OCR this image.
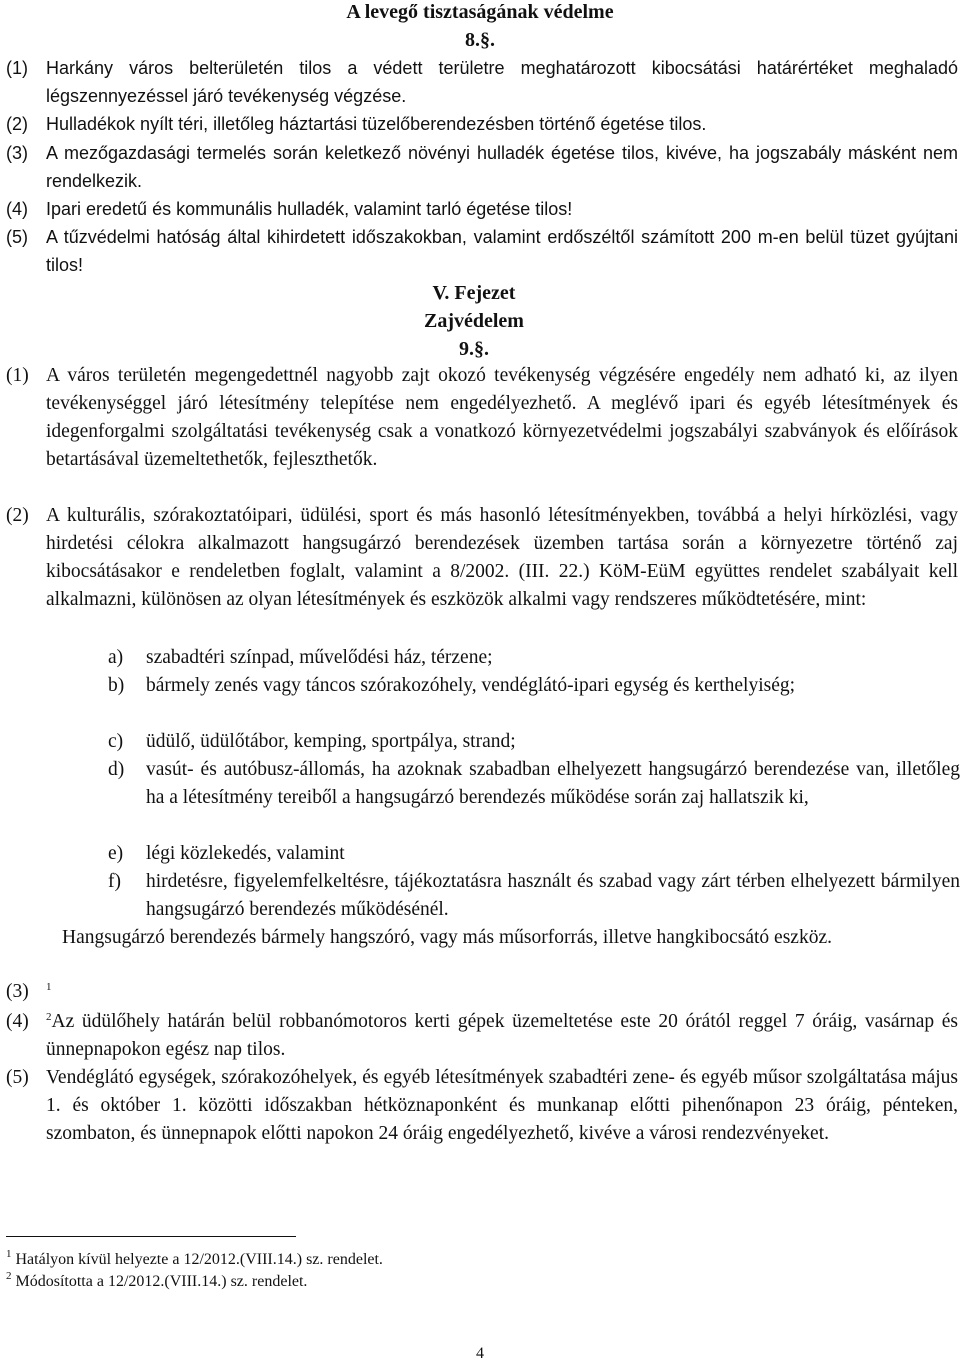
A levegő tisztaságának védelme
8.§.
(1) Harkány város belterületén tilos a védett területre meghatározott kibocsátási határértéket meghaladó légszennyezéssel járó tevékenység végzése.
(2) Hulladékok nyílt téri, illetőleg háztartási tüzelőberendezésben történő égetése tilos.
(3) A mezőgazdasági termelés során keletkező növényi hulladék égetése tilos, kivéve, ha jogszabály másként nem rendelkezik.
(4) Ipari eredetű és kommunális hulladék, valamint tarló égetése tilos!
(5) A tűzvédelmi hatóság által kihirdetett időszakokban, valamint erdőszéltől számított 200 m-en belül tüzet gyújtani tilos!
V. Fejezet
Zajvédelem
9.§.
(1) A város területén megengedettnél nagyobb zajt okozó tevékenység végzésére engedély nem adható ki, az ilyen tevékenységgel járó létesítmény telepítése nem engedélyezhető. A meglévő ipari és egyéb létesítmények és idegenforgalmi szolgáltatási tevékenység csak a vonatkozó környezetvédelmi jogszabályi szabványok és előírások betartásával üzemeltethetők, fejleszthetők.
(2) A kulturális, szórakoztatóipari, üdülési, sport és más hasonló létesítményekben, továbbá a helyi hírközlési, vagy hirdetési célokra alkalmazott hangsugárzó berendezések üzemben tartása során a környezetre történő zaj kibocsátásakor e rendeletben foglalt, valamint a 8/2002. (III. 22.) KöM-EüM együttes rendelet szabályait kell alkalmazni, különösen az olyan létesítmények és eszközök alkalmi vagy rendszeres működtetésére, mint:
a) szabadtéri színpad, művelődési ház, térzene;
b) bármely zenés vagy táncos szórakozóhely, vendéglátó-ipari egység és kerthelyiség;
c) üdülő, üdülőtábor, kemping, sportpálya, strand;
d) vasút- és autóbusz-állomás, ha azoknak szabadban elhelyezett hangsugárzó berendezése van, illetőleg ha a létesítmény tereiből a hangsugárzó berendezés működése során zaj hallatszik ki,
e) légi közlekedés, valamint
f) hirdetésre, figyelemfelkeltésre, tájékoztatásra használt és szabad vagy zárt térben elhelyezett bármilyen hangsugárzó berendezés működésénél.
Hangsugárzó berendezés bármely hangszóró, vagy más műsorforrás, illetve hangkibocsátó eszköz.
(3) $^1$
(4) $^2$Az üdülőhely határán belül robbanómotoros kerti gépek üzemeltetése este 20 órától reggel 7 óráig, vasárnap és ünnepnapokon egész nap tilos.
(5) Vendéglátó egységek, szórakozóhelyek, és egyéb létesítmények szabadtéri zene- és egyéb műsor szolgáltatása május 1. és október 1. közötti időszakban hétköznaponként és munkanap előtti pihenőnapon 23 óráig, pénteken, szombaton, és ünnepnapok előtti napokon 24 óráig engedélyezhető, kivéve a városi rendezvényeket.
$^1$ Hatályon kívül helyezte a 12/2012.(VIII.14.) sz. rendelet.
$^2$ Módosította a 12/2012.(VIII.14.) sz. rendelet.
4
